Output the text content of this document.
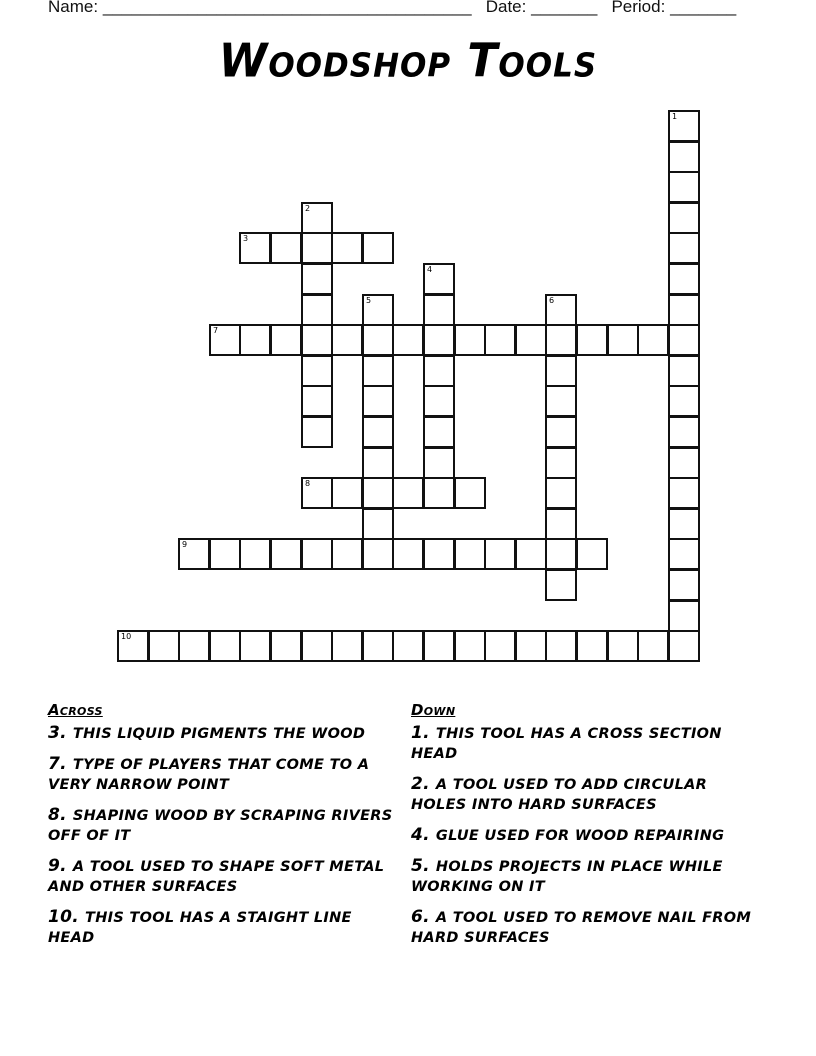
Name: _______________________________________ Date: _______ Period: _______
Woodshop Tools
1
2
3
4
5	6
7
8
9
10
Across
3. THIS LIQUID PIGMENTS THE WOOD
7. TYPE OF PLAYERS THAT COME TO A VERY NARROW POINT
8. SHAPING WOOD BY SCRAPING RIVERS OFF OF IT
9. A TOOL USED TO SHAPE SOFT METAL AND OTHER SURFACES
10. THIS TOOL HAS A STAIGHT LINE HEAD
Down
1. THIS TOOL HAS A CROSS SECTION HEAD
2. A TOOL USED TO ADD CIRCULAR HOLES INTO HARD SURFACES
4. GLUE USED FOR WOOD REPAIRING
5. HOLDS PROJECTS IN PLACE WHILE WORKING ON IT
6. A TOOL USED TO REMOVE NAIL FROM HARD SURFACES
